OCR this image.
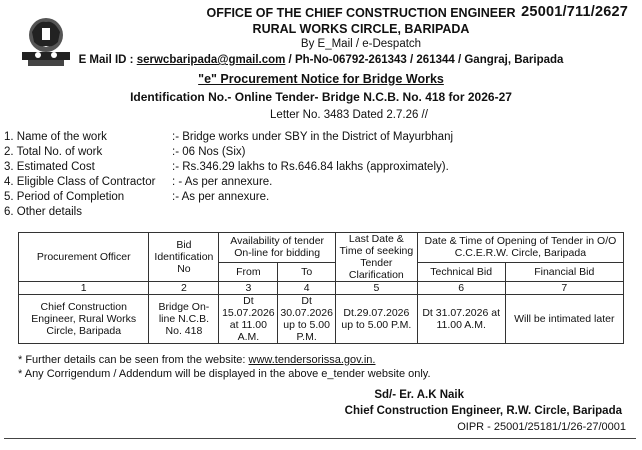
25001/711/2627
OFFICE OF THE CHIEF CONSTRUCTION ENGINEER
RURAL WORKS CIRCLE, BARIPADA
By E_Mail / e-Despatch
E Mail ID : serwcbaripada@gmail.com / Ph-No-06792-261343 / 261344 / Gangraj, Baripada
"e" Procurement Notice for Bridge Works
Identification No.- Online Tender- Bridge N.C.B. No. 418 for 2026-27
Letter No. 3483 Dated 2.7.26 //
1. Name of the work	:- Bridge works under SBY in the District of Mayurbhanj
2. Total No. of work	:- 06 Nos (Six)
3. Estimated Cost	:- Rs.346.29 lakhs to Rs.646.84 lakhs (approximately).
4. Eligible Class of Contractor : - As per annexure.
5. Period of Completion	:- As per annexure.
6. Other details
Procurement Officer	Bid Identification No	Availability of tender On-line for bidding		Last Date & Time of seeking Tender Clarification	Date & Time of Opening of Tender in O/O C.C.E.R.W. Circle, Baripada	
		From	To		Technical Bid	Financial Bid
1	2	3	4	5	6	7
Chief Construction Engineer, Rural Works Circle, Baripada	Bridge On-line N.C.B. No. 418	Dt 15.07.2026 at 11.00 A.M.	Dt 30.07.2026 up to 5.00 P.M.	Dt.29.07.2026 up to 5.00 P.M.	Dt 31.07.2026 at 11.00 A.M.	Will be intimated later
* Further details can be seen from the website: www.tendersorissa.gov.in.
* Any Corrigendum / Addendum will be displayed in the above e_tender website only.
Sd/- Er. A.K Naik
Chief Construction Engineer, R.W. Circle, Baripada
OIPR - 25001/25181/1/26-27/0001
